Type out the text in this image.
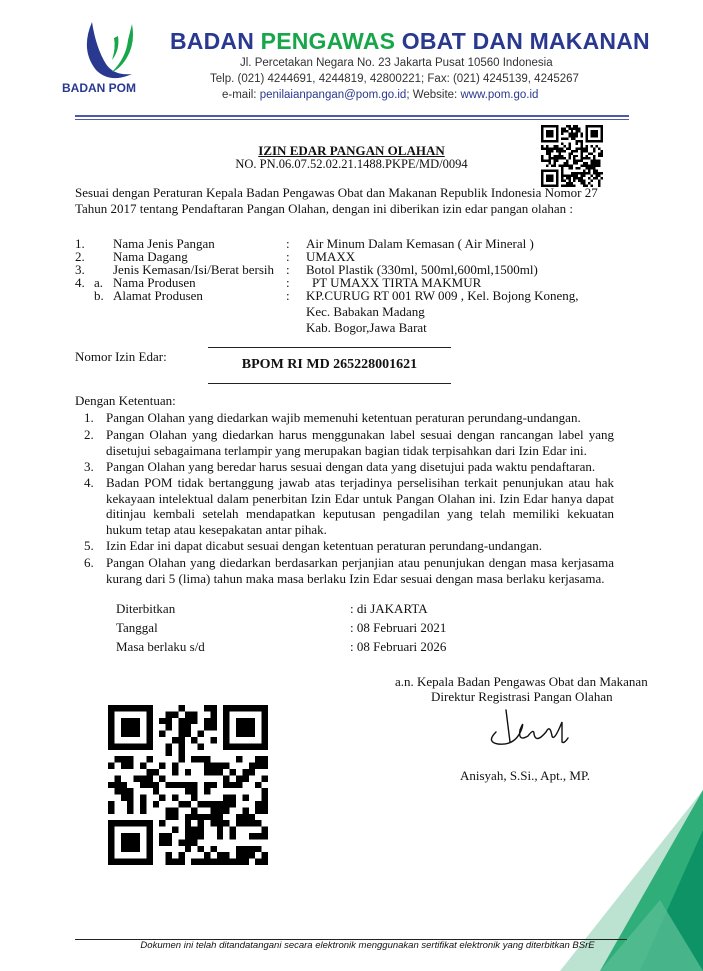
BADAN POM
BADAN PENGAWAS OBAT DAN MAKANAN
Jl. Percetakan Negara No. 23 Jakarta Pusat 10560 Indonesia
Telp. (021) 4244691, 4244819, 42800221; Fax: (021) 4245139, 4245267
e-mail: penilaianpangan@pom.go.id; Website: www.pom.go.id
IZIN EDAR PANGAN OLAHAN
NO. PN.06.07.52.02.21.1488.PKPE/MD/0094
Sesuai dengan Peraturan Kepala Badan Pengawas Obat dan Makanan Republik Indonesia Nomor 27 Tahun 2017 tentang Pendaftaran Pangan Olahan, dengan ini diberikan izin edar pangan olahan :
1. Nama Jenis Pangan	: Air Minum Dalam Kemasan ( Air Mineral )
2. Nama Dagang	: UMAXX
3. Jenis Kemasan/Isi/Berat bersih : Botol Plastik (330ml, 500ml,600ml,1500ml)
4. a. Nama Produsen	: PT UMAXX TIRTA MAKMUR
b. Alamat Produsen	: KP.CURUG RT 001 RW 009 , Kel. Bojong Koneng,
Kec. Babakan Madang
Kab. Bogor,Jawa Barat
Nomor Izin Edar:
BPOM RI MD 265228001621
Dengan Ketentuan:
1. Pangan Olahan yang diedarkan wajib memenuhi ketentuan peraturan perundang-undangan.
2. Pangan Olahan yang diedarkan harus menggunakan label sesuai dengan rancangan label yang disetujui sebagaimana terlampir yang merupakan bagian tidak terpisahkan dari Izin Edar ini.
3. Pangan Olahan yang beredar harus sesuai dengan data yang disetujui pada waktu pendaftaran.
4. Badan POM tidak bertanggung jawab atas terjadinya perselisihan terkait penunjukan atau hak kekayaan intelektual dalam penerbitan Izin Edar untuk Pangan Olahan ini. Izin Edar hanya dapat ditinjau kembali setelah mendapatkan keputusan pengadilan yang telah memiliki kekuatan hukum tetap atau kesepakatan antar pihak.
5. Izin Edar ini dapat dicabut sesuai dengan ketentuan peraturan perundang-undangan.
6. Pangan Olahan yang diedarkan berdasarkan perjanjian atau penunjukan dengan masa kerjasama kurang dari 5 (lima) tahun maka masa berlaku Izin Edar sesuai dengan masa berlaku kerjasama.
Diterbitkan	: di JAKARTA
Tanggal	: 08 Februari 2021
Masa berlaku s/d	: 08 Februari 2026
a.n. Kepala Badan Pengawas Obat dan Makanan
Direktur Registrasi Pangan Olahan
Anisyah, S.Si., Apt., MP.
Dokumen ini telah ditandatangani secara elektronik menggunakan sertifikat elektronik yang diterbitkan BSrE
